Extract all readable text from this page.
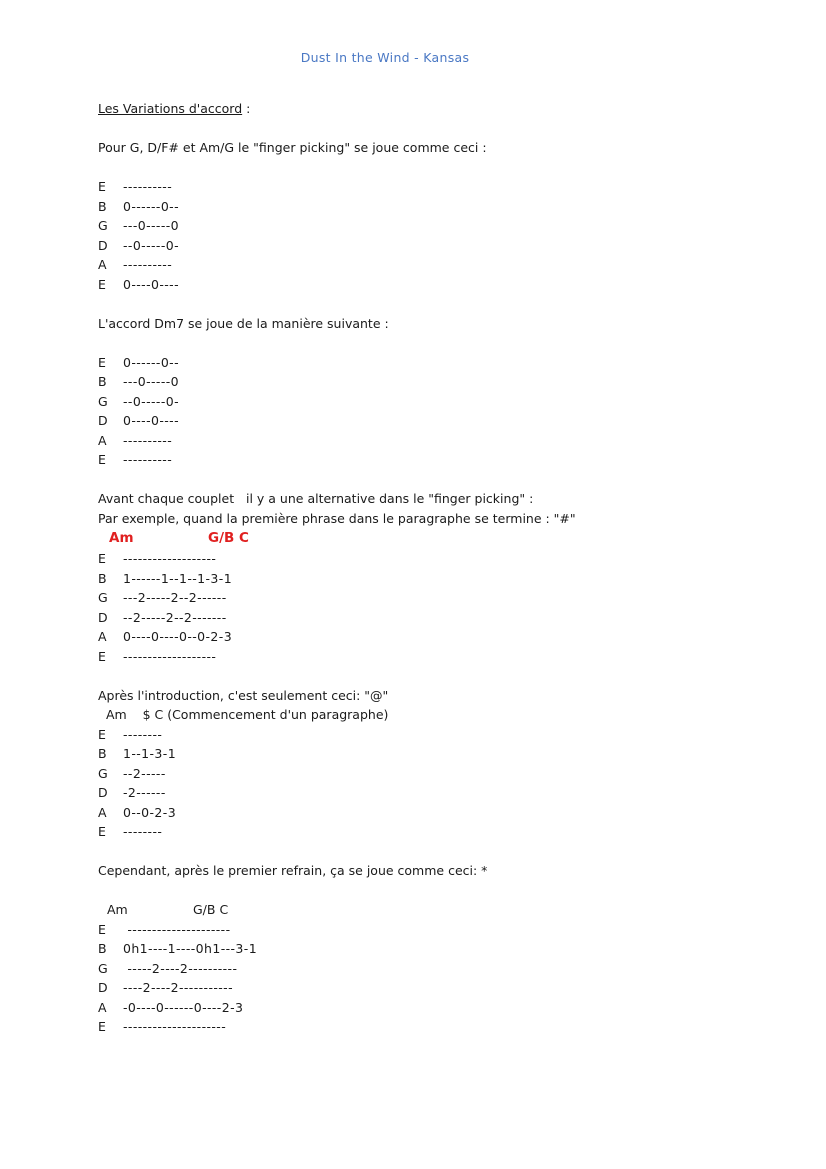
Dust In the Wind - Kansas
Les Variations d'accord :
Pour G, D/F# et Am/G le "finger picking" se joue comme ceci :
E	----------
B	0------0--
G	---0-----0
D	--0-----0-
A	----------
E	0----0----
L'accord Dm7 se joue de la manière suivante :
E	0------0--
B	---0-----0
G	--0-----0-
D	0----0----
A	----------
E	----------
Avant chaque couplet   il y a une alternative dans le "finger picking" :
Par exemple, quand la première phrase dans le paragraphe se termine : "#"

Am

	G/B C

E	-------------------
B	1------1--1--1-3-1
G	---2-----2--2------
D	--2-----2--2-------
A	0----0----0--0-2-3
E	-------------------
Après l'introduction, c'est seulement ceci: "@"
Am    $ C (Commencement d'un paragraphe)
E	--------
B	1--1-3-1
G	--2-----
D	-2------
A	0--0-2-3
E	--------
Cependant, après le premier refrain, ça se joue comme ceci: *

Am

	G/B C

E	---------------------
B	0h1----1----0h1---3-1
G	-----2----2----------
D	----2----2-----------
A	-0----0------0----2-3
E	---------------------
